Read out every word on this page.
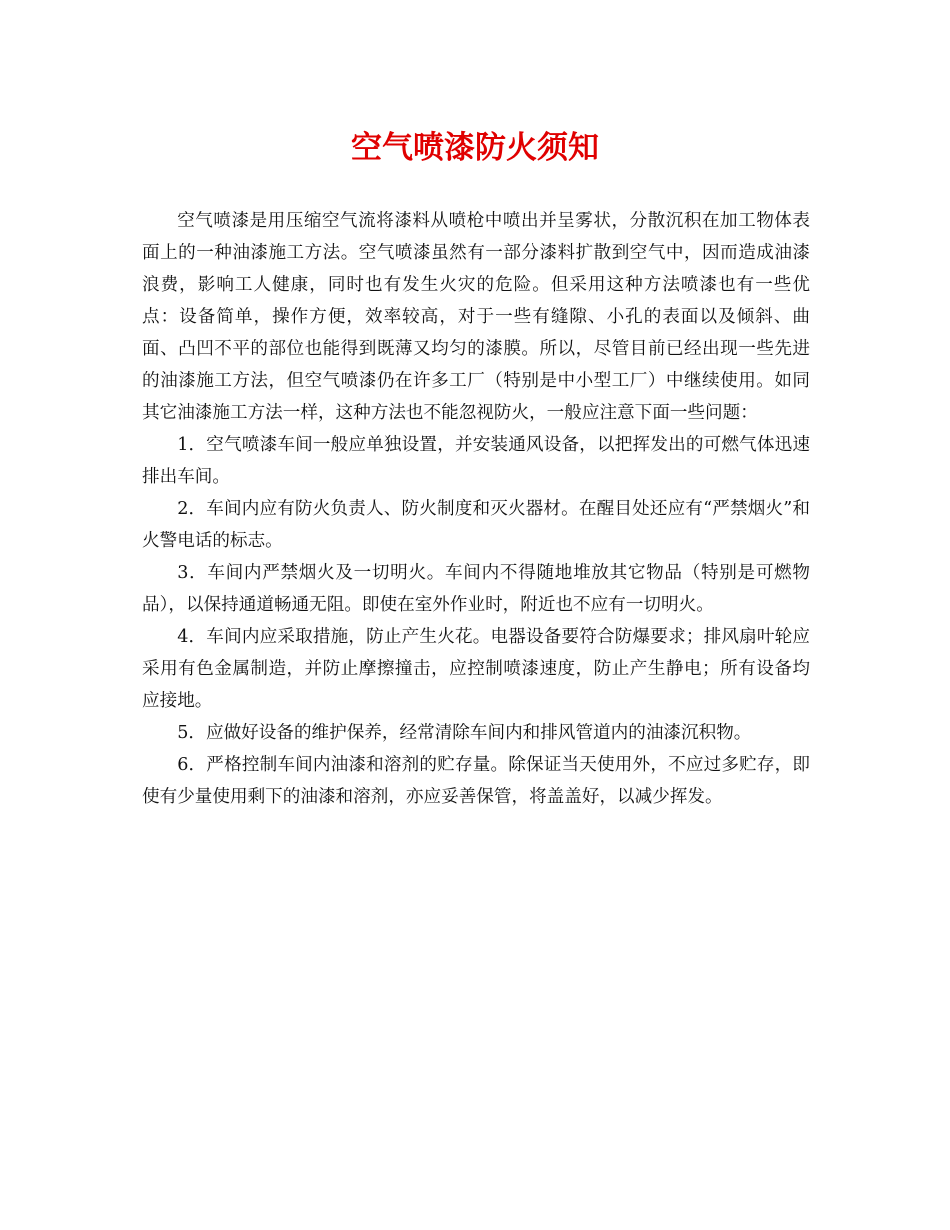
空气喷漆防火须知

空气喷漆是用压缩空气流将漆料从喷枪中喷出并呈雾状，分散沉积在加工物体表面上的一种油漆施工方法。空气喷漆虽然有一部分漆料扩散到空气中，因而造成油漆浪费，影响工人健康，同时也有发生火灾的危险。但采用这种方法喷漆也有一些优点：设备简单，操作方便，效率较高，对于一些有缝隙、小孔的表面以及倾斜、曲面、凸凹不平的部位也能得到既薄又均匀的漆膜。所以，尽管目前已经出现一些先进的油漆施工方法，但空气喷漆仍在许多工厂（特别是中小型工厂）中继续使用。如同其它油漆施工方法一样，这种方法也不能忽视防火，一般应注意下面一些问题：

1．空气喷漆车间一般应单独设置，并安装通风设备，以把挥发出的可燃气体迅速排出车间。

2．车间内应有防火负责人、防火制度和灭火器材。在醒目处还应有“严禁烟火”和火警电话的标志。

3．车间内严禁烟火及一切明火。车间内不得随地堆放其它物品（特别是可燃物品），以保持通道畅通无阻。即使在室外作业时，附近也不应有一切明火。

4．车间内应采取措施，防止产生火花。电器设备要符合防爆要求；排风扇叶轮应采用有色金属制造，并防止摩擦撞击，应控制喷漆速度，防止产生静电；所有设备均应接地。

5．应做好设备的维护保养，经常清除车间内和排风管道内的油漆沉积物。

6．严格控制车间内油漆和溶剂的贮存量。除保证当天使用外，不应过多贮存，即使有少量使用剩下的油漆和溶剂，亦应妥善保管，将盖盖好，以减少挥发。
